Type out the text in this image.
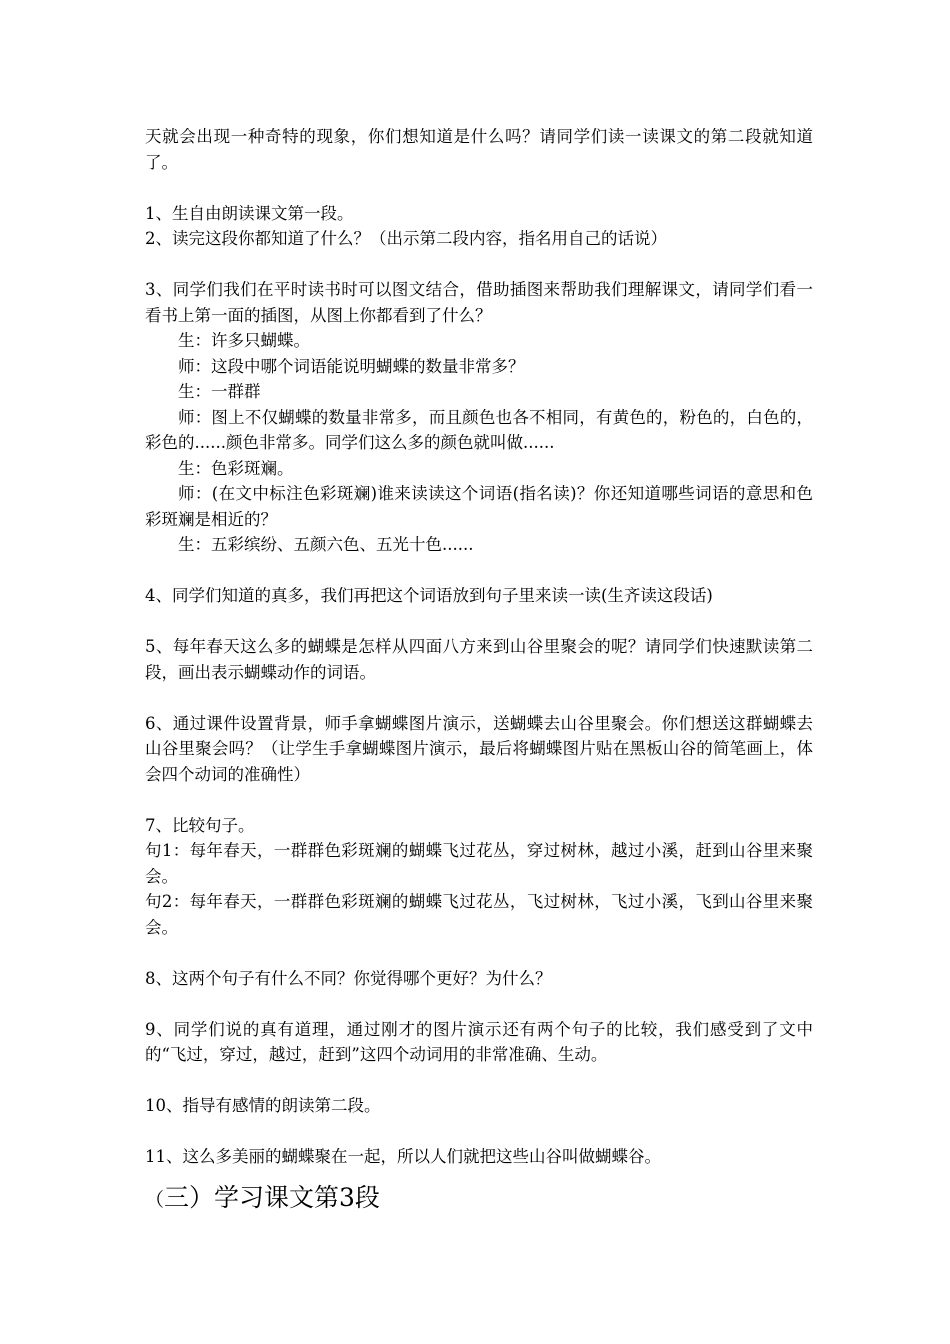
天就会出现一种奇特的现象，你们想知道是什么吗？请同学们读一读课文的第二段就知道了。

1、生自由朗读课文第一段。

2、读完这段你都知道了什么？（出示第二段内容，指名用自己的话说）

3、同学们我们在平时读书时可以图文结合，借助插图来帮助我们理解课文，请同学们看一看书上第一面的插图，从图上你都看到了什么？

生：许多只蝴蝶。

师：这段中哪个词语能说明蝴蝶的数量非常多？

生：一群群

师：图上不仅蝴蝶的数量非常多，而且颜色也各不相同，有黄色的，粉色的，白色的，彩色的......颜色非常多。同学们这么多的颜色就叫做......

生：色彩斑斓。

师：(在文中标注色彩斑斓)谁来读读这个词语(指名读)？你还知道哪些词语的意思和色彩斑斓是相近的？

生：五彩缤纷、五颜六色、五光十色......

4、同学们知道的真多，我们再把这个词语放到句子里来读一读(生齐读这段话)

5、每年春天这么多的蝴蝶是怎样从四面八方来到山谷里聚会的呢？请同学们快速默读第二段，画出表示蝴蝶动作的词语。

6、通过课件设置背景，师手拿蝴蝶图片演示，送蝴蝶去山谷里聚会。你们想送这群蝴蝶去山谷里聚会吗？（让学生手拿蝴蝶图片演示，最后将蝴蝶图片贴在黑板山谷的简笔画上，体会四个动词的准确性）

7、比较句子。

句1：每年春天，一群群色彩斑斓的蝴蝶飞过花丛，穿过树林，越过小溪，赶到山谷里来聚会。

句2：每年春天，一群群色彩斑斓的蝴蝶飞过花丛，飞过树林，飞过小溪，飞到山谷里来聚会。

8、这两个句子有什么不同？你觉得哪个更好？为什么？

9、同学们说的真有道理，通过刚才的图片演示还有两个句子的比较，我们感受到了文中的“飞过，穿过，越过，赶到”这四个动词用的非常准确、生动。

10、指导有感情的朗读第二段。

11、这么多美丽的蝴蝶聚在一起，所以人们就把这些山谷叫做蝴蝶谷。

（三）学习课文第3段
